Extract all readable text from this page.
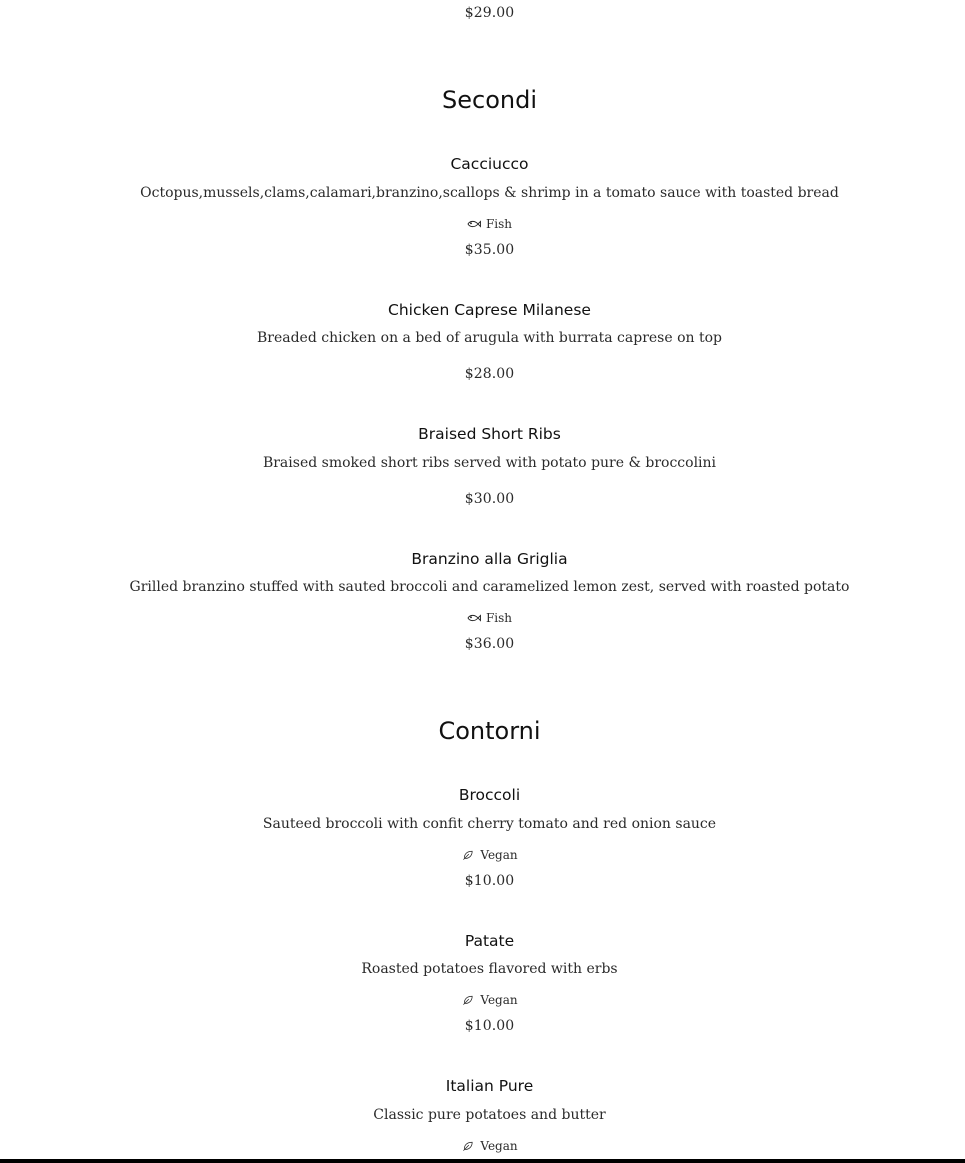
$29.00
Secondi
Cacciucco

Octopus,mussels,clams,calamari,branzino,scallops & shrimp in a tomato sauce with toasted bread

Fish
$35.00
Chicken Caprese Milanese

Breaded chicken on a bed of arugula with burrata caprese on top

$28.00
Braised Short Ribs

Braised smoked short ribs served with potato pure & broccolini

$30.00
Branzino alla Griglia

Grilled branzino stuffed with sauted broccoli and caramelized lemon zest, served with roasted potato

Fish
$36.00
Contorni
Broccoli

Sauteed broccoli with confit cherry tomato and red onion sauce

Vegan
$10.00
Patate

Roasted potatoes flavored with erbs

Vegan
$10.00
Italian Pure

Classic pure potatoes and butter

Vegan
